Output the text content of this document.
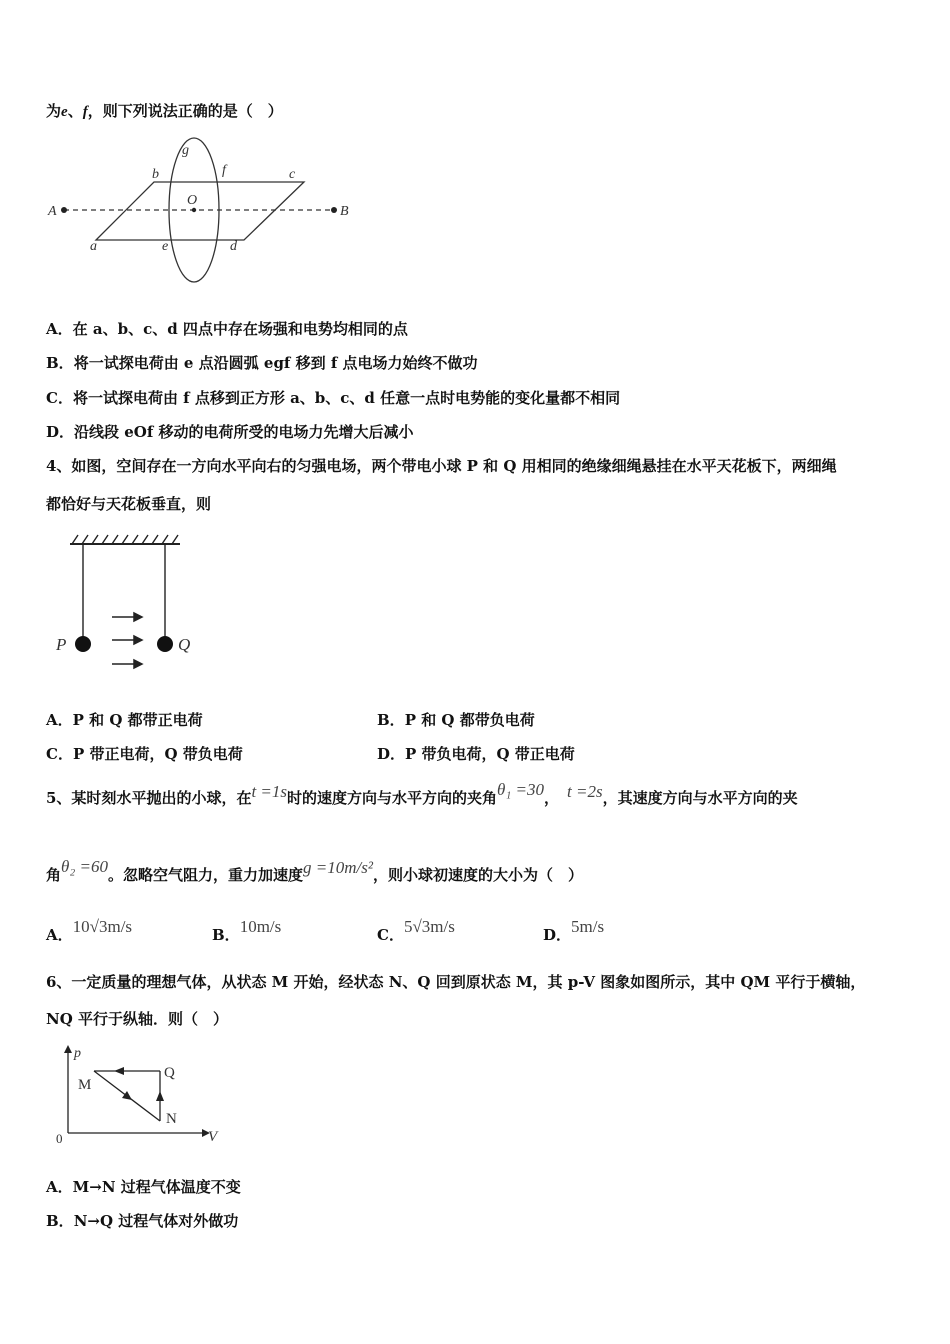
为e、f，则下列说法正确的是（　）
A	B
a
b	c
d
e
f
g
O
A．在 a、b、c、d 四点中存在场强和电势均相同的点
B．将一试探电荷由 e 点沿圆弧 egf 移到 f 点电场力始终不做功
C．将一试探电荷由 f 点移到正方形 a、b、c、d 任意一点时电势能的变化量都不相同
D．沿线段 eOf 移动的电荷所受的电场力先增大后减小
4、如图，空间存在一方向水平向右的匀强电场，两个带电小球 P 和 Q 用相同的绝缘细绳悬挂在水平天花板下，两细绳
都恰好与天花板垂直，则
P	Q
A．P 和 Q 都带正电荷	B．P 和 Q 都带负电荷
C．P 带正电荷，Q 带负电荷	D．P 带负电荷，Q 带正电荷
5、某时刻水平抛出的小球，在t =1s时的速度方向与水平方向的夹角θ₁ =30， t =2s，其速度方向与水平方向的夹
角θ₂ =60。忽略空气阻力，重力加速度g =10m/s²，则小球初速度的大小为（　）
A．10√3m/s	B．10m/s	C．5√3m/s	D．5m/s
6、一定质量的理想气体，从状态 M 开始，经状态 N、Q 回到原状态 M，其 p-V 图象如图所示，其中 QM 平行于横轴，
NQ 平行于纵轴．则（　）
p
V
0
M
N
Q
A．M→N 过程气体温度不变
B．N→Q 过程气体对外做功
